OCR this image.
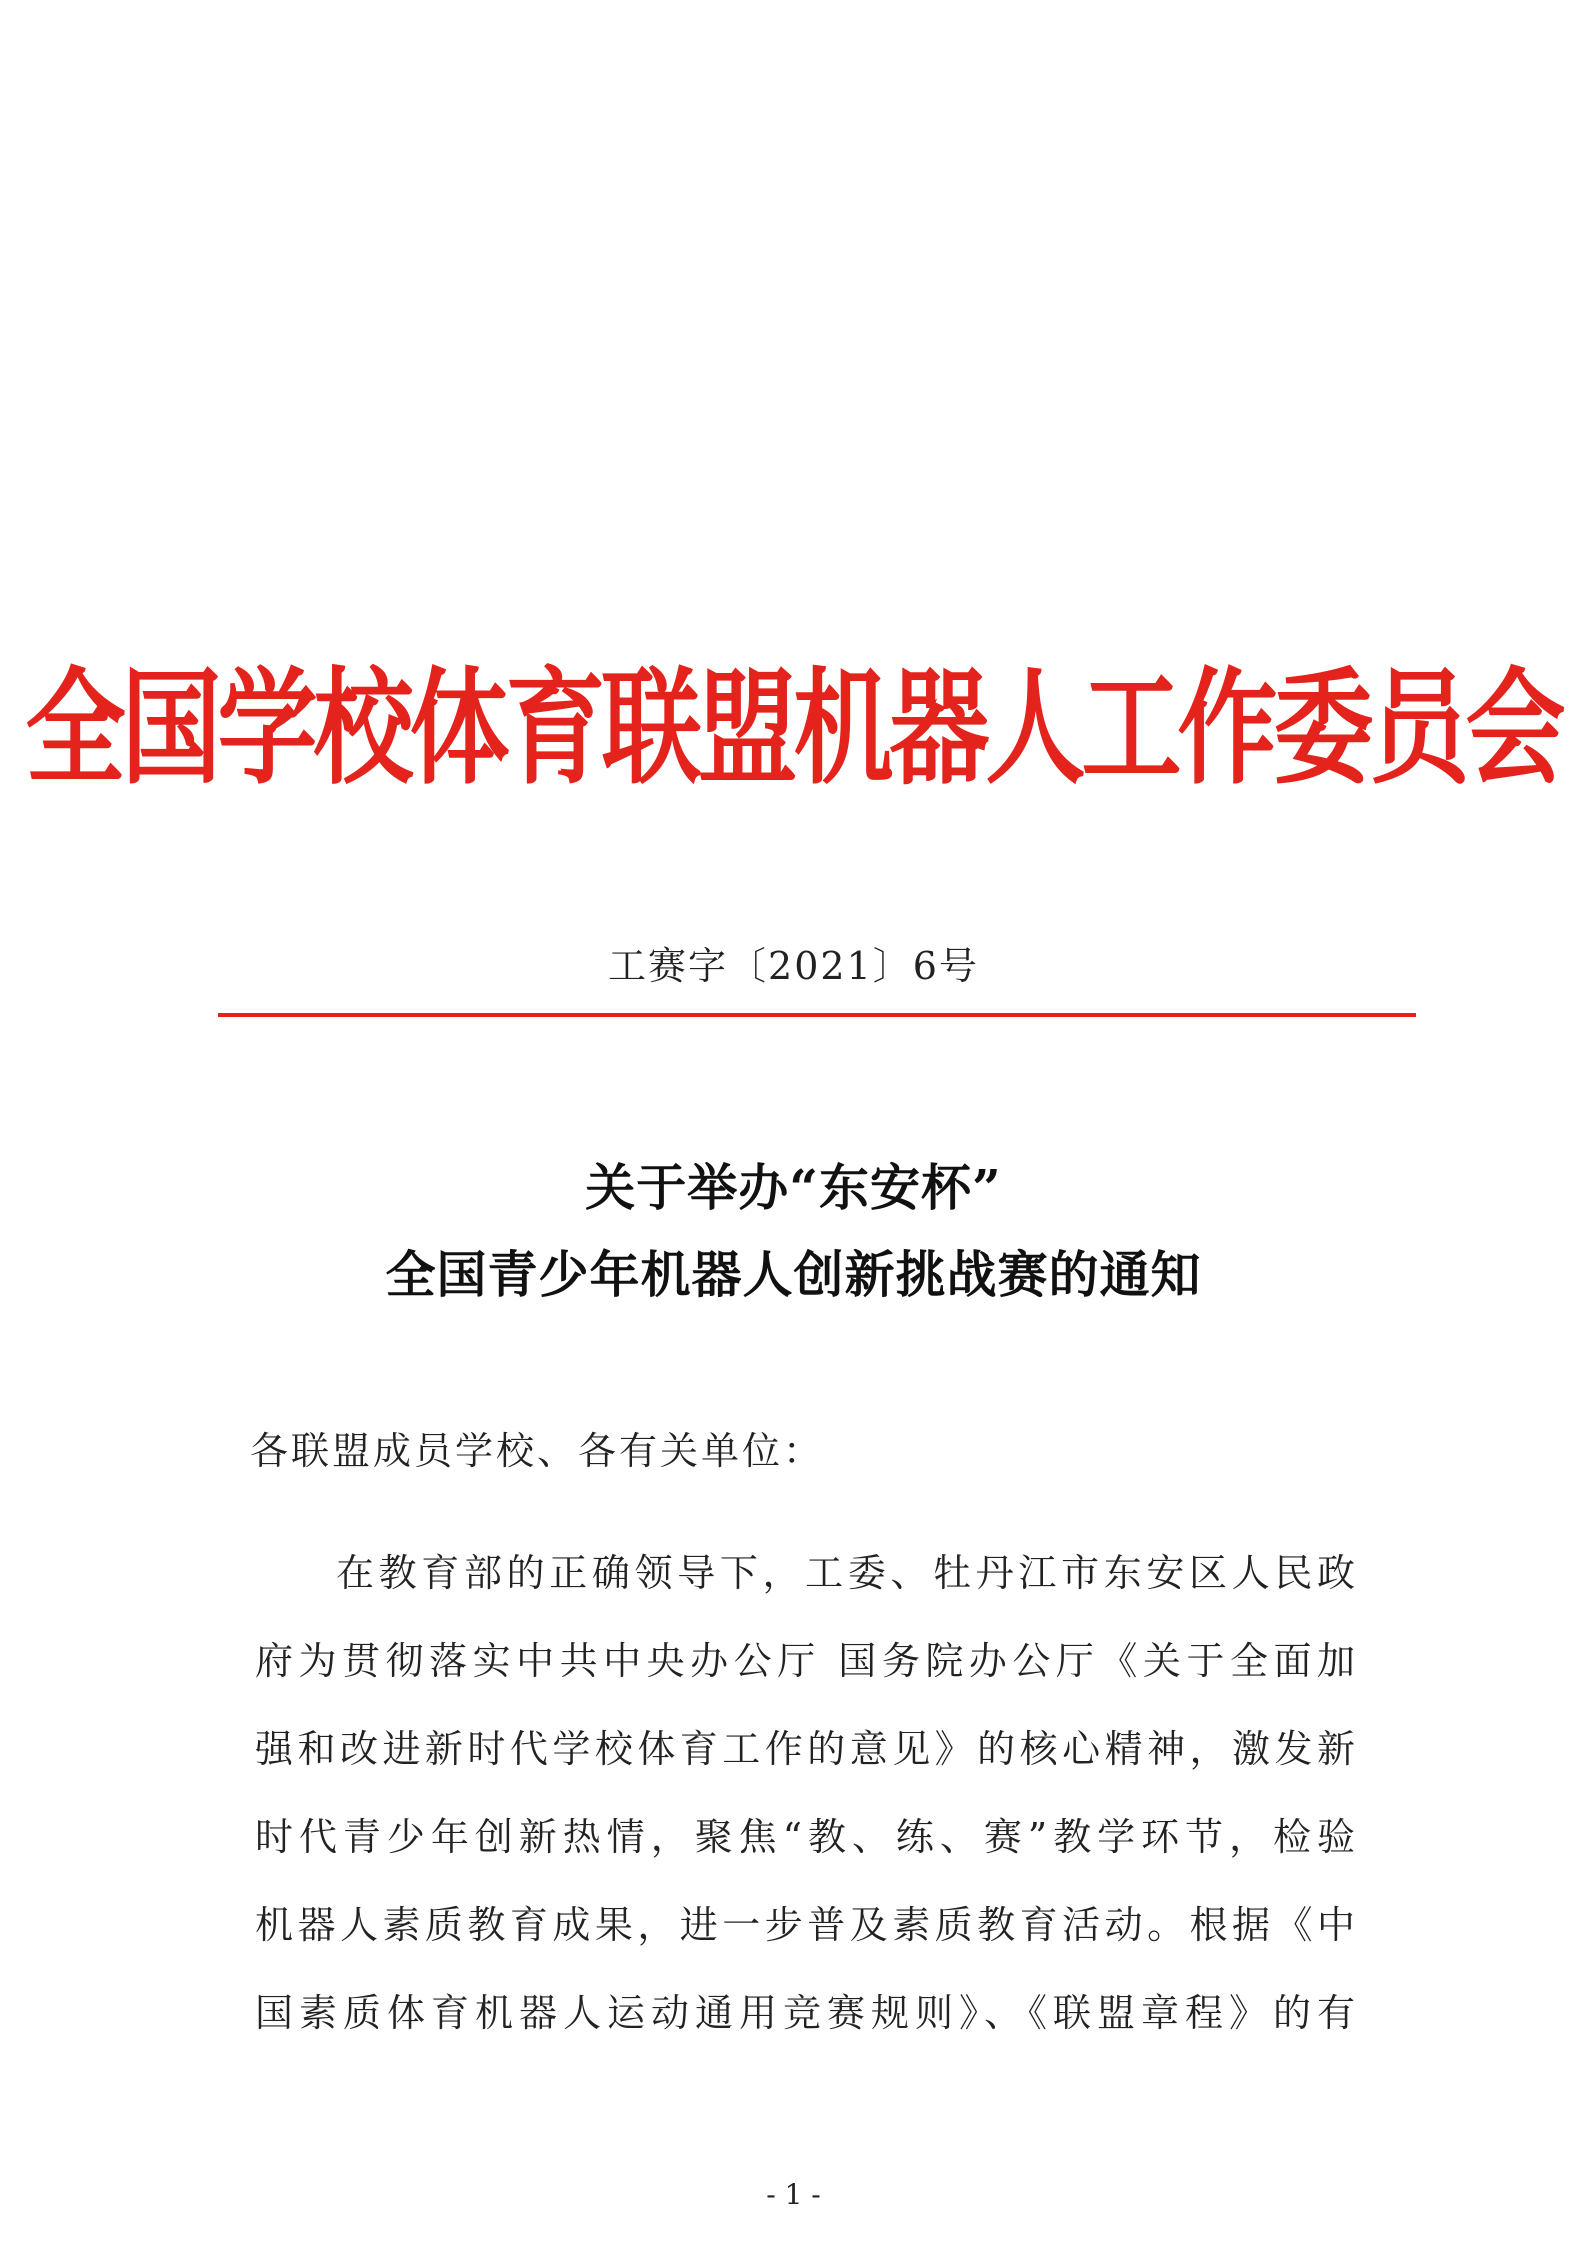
全国学校体育联盟机器人工作委员会
工赛字〔2021〕6号
关于举办“东安杯”
全国青少年机器人创新挑战赛的通知
各联盟成员学校、各有关单位：
在教育部的正确领导下，工委、牡丹江市东安区人民政
府为贯彻落实中共中央办公厅 国务院办公厅《关于全面加
强和改进新时代学校体育工作的意见》的核心精神，激发新
时代青少年创新热情，聚焦“教、练、赛”教学环节，检验
机器人素质教育成果，进一步普及素质教育活动。根据《中
国素质体育机器人运动通用竞赛规则》、《联盟章程》的有
- 1 -
